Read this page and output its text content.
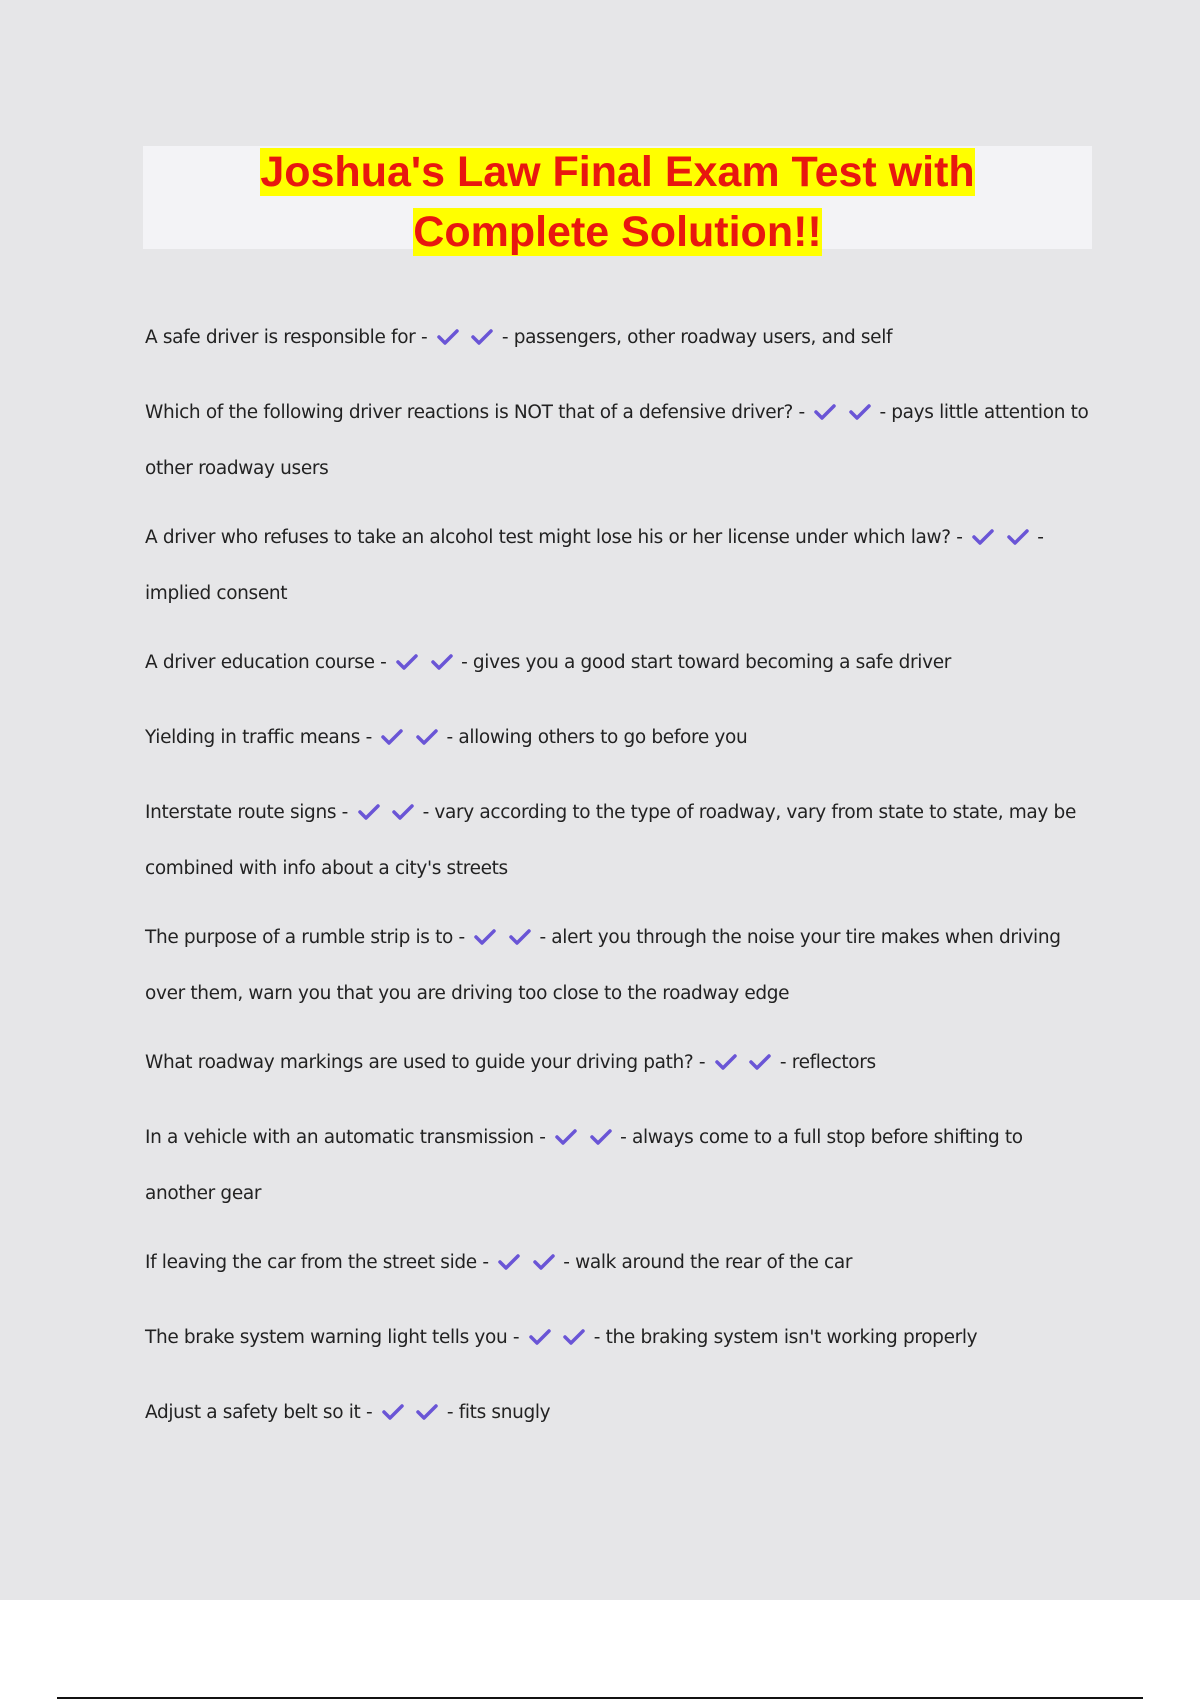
Joshua's Law Final Exam Test with
Complete Solution!!
A safe driver is responsible for -
	- passengers, other roadway users, and self
Which of the following driver reactions is NOT that of a defensive driver? -
	- pays little attention to other roadway users
A driver who refuses to take an alcohol test might lose his or her license under which law? -
	- implied consent
A driver education course -
	- gives you a good start toward becoming a safe driver
Yielding in traffic means -
	- allowing others to go before you
Interstate route signs -
	- vary according to the type of roadway, vary from state to state, may be combined with info about a city's streets
The purpose of a rumble strip is to -
	- alert you through the noise your tire makes when driving over them, warn you that you are driving too close to the roadway edge
What roadway markings are used to guide your driving path? -
	- reflectors
In a vehicle with an automatic transmission -
	- always come to a full stop before shifting to another gear
If leaving the car from the street side -
	- walk around the rear of the car
The brake system warning light tells you -
	- the braking system isn't working properly
Adjust a safety belt so it -
	- fits snugly
